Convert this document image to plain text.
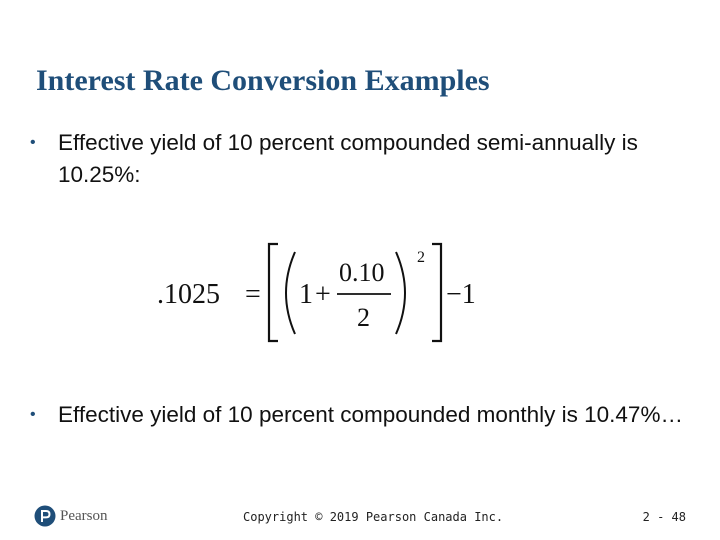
Interest Rate Conversion Examples
• Effective yield of 10 percent compounded semi-annually is 10.25%:
.1025 = 1 +
0.10
2
2
−1
• Effective yield of 10 percent compounded monthly is 10.47%…
Pearson	Copyright © 2019 Pearson Canada Inc.	2 - 48
